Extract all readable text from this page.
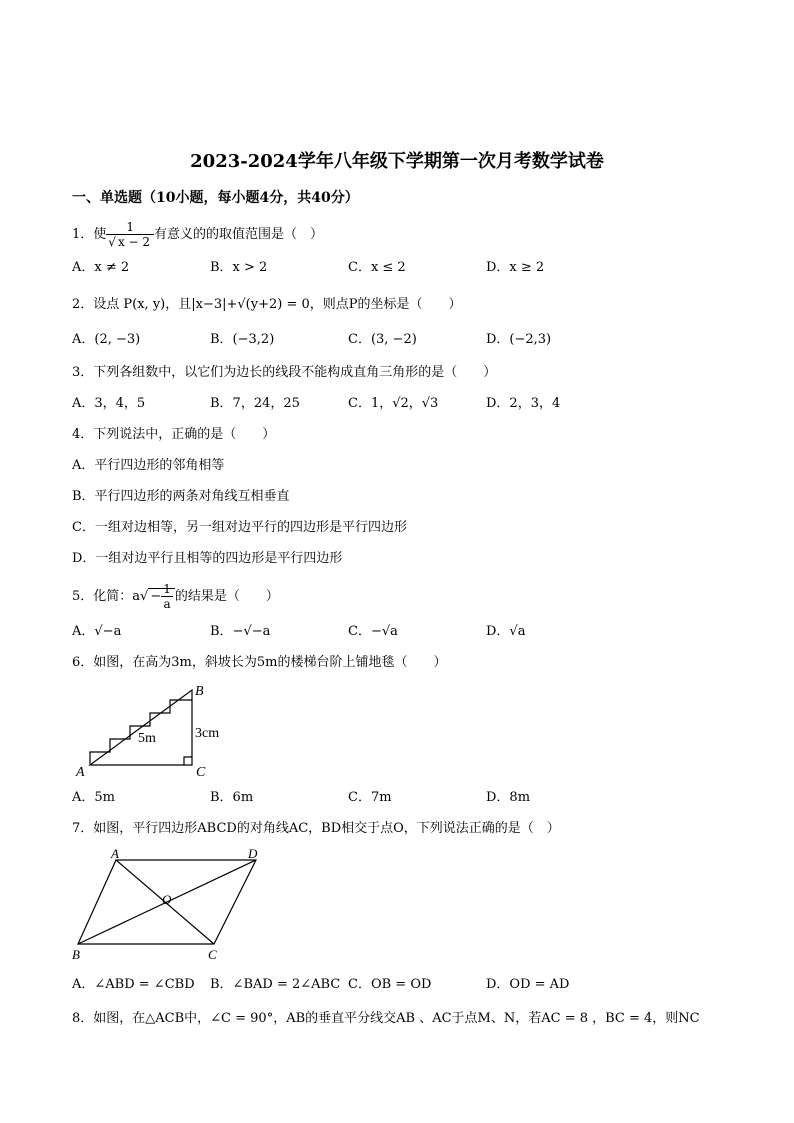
2023-2024学年八年级下学期第一次月考数学试卷
一、单选题（10小题，每小题4分，共40分）
1．使 $\frac{1}{√ x - 2}$ 有意义的的取值范围是（　）
A．x ≠ 2	B．x > 2	C．x ≤ 2	D．x ≥ 2
2．设点 P(x, y)，且|x−3|+√(y+2) = 0，则点P的坐标是（　　）
A．(2, −3)	B．(−3,2)	C．(3, −2)	D．(−2,3)
3．下列各组数中，以它们为边长的线段不能构成直角三角形的是（　　）
A．3，4，5	B．7，24，25	C．1，√2，√3	D．2，3，4
4．下列说法中，正确的是（　　）
A．平行四边形的邻角相等
B．平行四边形的两条对角线互相垂直
C．一组对边相等，另一组对边平行的四边形是平行四边形
D．一组对边平行且相等的四边形是平行四边形
5．化简：$a√ - \frac{1}{a}$ 的结果是（　　）
A．√−a	B．−√−a	C．−√a	D．√a
6．如图，在高为3m，斜坡长为5m的楼梯台阶上铺地毯（　　）
A
B
C
5m	3cm
A．5m	B．6m	C．7m	D．8m
7．如图，平行四边形ABCD的对角线AC，BD相交于点O，下列说法正确的是（　）
A	D
B	C
O
A．∠ABD = ∠CBD B．∠BAD = 2∠ABC C．OB = OD	D．OD = AD
8．如图，在△ACB中，∠C = 90°，AB的垂直平分线交AB 、AC于点M、N，若AC = 8 ，BC = 4，则NC
